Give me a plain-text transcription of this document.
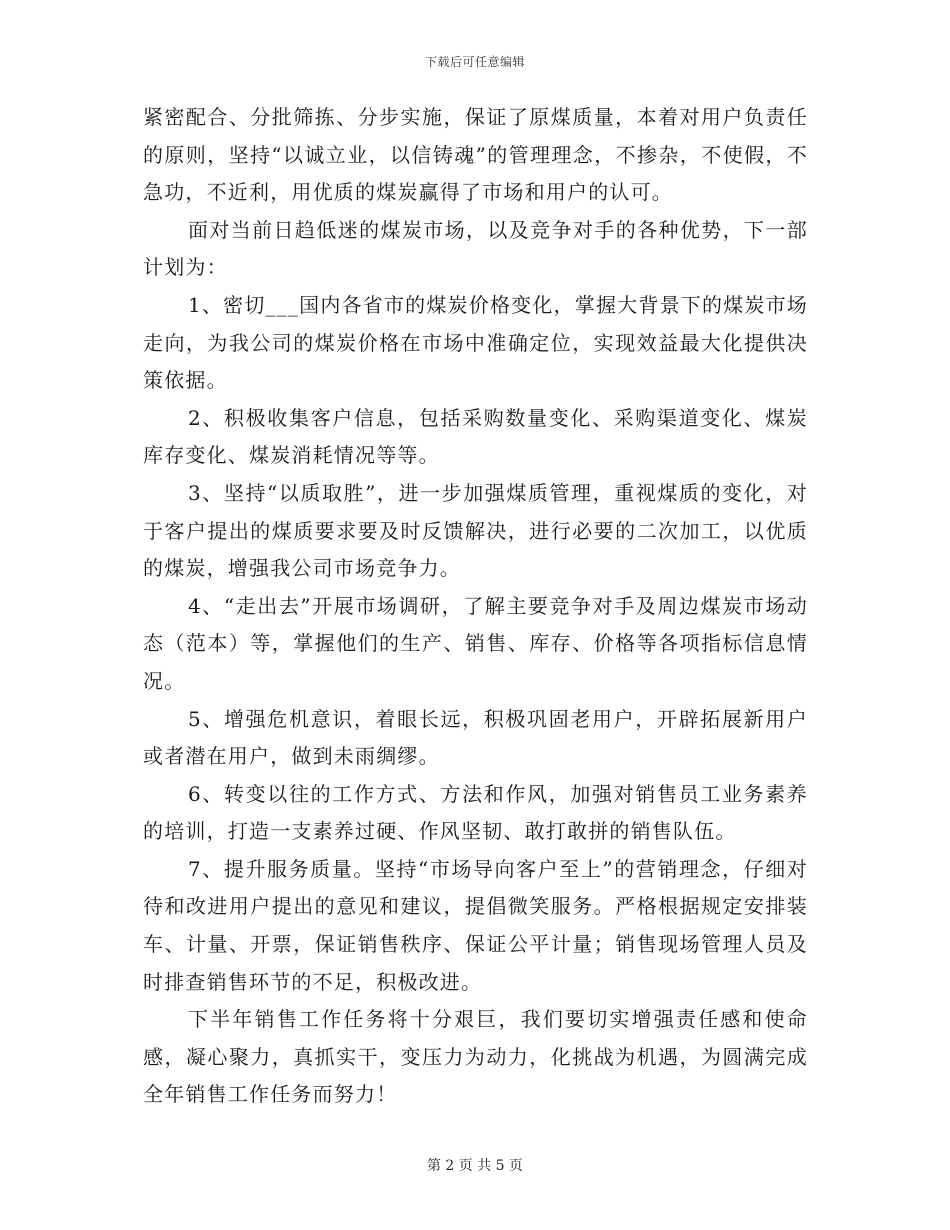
下载后可任意编辑

紧密配合、分批筛拣、分步实施，保证了原煤质量，本着对用户负责任的原则，坚持“以诚立业，以信铸魂”的管理理念，不掺杂，不使假，不急功，不近利，用优质的煤炭赢得了市场和用户的认可。

面对当前日趋低迷的煤炭市场，以及竞争对手的各种优势，下一部计划为：

1、密切___国内各省市的煤炭价格变化，掌握大背景下的煤炭市场走向，为我公司的煤炭价格在市场中准确定位，实现效益最大化提供决策依据。

2、积极收集客户信息，包括采购数量变化、采购渠道变化、煤炭库存变化、煤炭消耗情况等等。

3、坚持“以质取胜”，进一步加强煤质管理，重视煤质的变化，对于客户提出的煤质要求要及时反馈解决，进行必要的二次加工，以优质的煤炭，增强我公司市场竞争力。

4、“走出去”开展市场调研，了解主要竞争对手及周边煤炭市场动态（范本）等，掌握他们的生产、销售、库存、价格等各项指标信息情况。

5、增强危机意识，着眼长远，积极巩固老用户，开辟拓展新用户或者潜在用户，做到未雨绸缪。

6、转变以往的工作方式、方法和作风，加强对销售员工业务素养的培训，打造一支素养过硬、作风坚韧、敢打敢拼的销售队伍。

7、提升服务质量。坚持“市场导向客户至上”的营销理念，仔细对待和改进用户提出的意见和建议，提倡微笑服务。严格根据规定安排装车、计量、开票，保证销售秩序、保证公平计量；销售现场管理人员及时排查销售环节的不足，积极改进。

下半年销售工作任务将十分艰巨，我们要切实增强责任感和使命感，凝心聚力，真抓实干，变压力为动力，化挑战为机遇，为圆满完成全年销售工作任务而努力！

第 2 页 共 5 页
